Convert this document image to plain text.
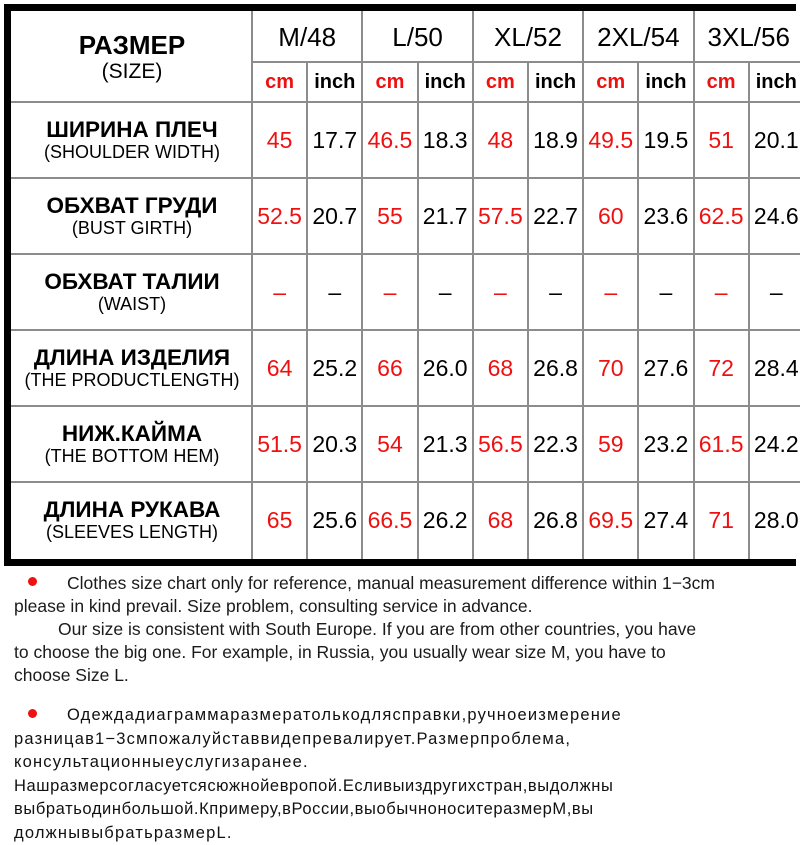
РАЗМЕР
(SIZE)	M/48		L/50		XL/52		2XL/54		3XL/56	
	cm	inch	cm	inch	cm	inch	cm	inch	cm	inch

ШИРИНА ПЛЕЧ
(SHOULDER WIDTH)	45	17.7	46.5	18.3	48	18.9	49.5	19.5	51	20.1

ОБХВАТ ГРУДИ
(BUST GIRTH)	52.5	20.7	55	21.7	57.5	22.7	60	23.6	62.5	24.6

ОБХВАТ ТАЛИИ
(WAIST)	–	–	–	–	–	–	–	–	–	–

ДЛИНА ИЗДЕЛИЯ
(THE PRODUCTLENGTH)	64	25.2	66	26.0	68	26.8	70	27.6	72	28.4

НИЖ.КАЙМА
(THE BOTTOM HEM)	51.5	20.3	54	21.3	56.5	22.3	59	23.2	61.5	24.2

ДЛИНА РУКАВА
(SLEEVES LENGTH)	65	25.6	66.5	26.2	68	26.8	69.5	27.4	71	28.0

Clothes size chart only for reference, manual measurement difference within 1−3cm

please in kind prevail. Size problem, consulting service in advance.

Our size is consistent with South Europe. If you are from other countries, you have

to choose the big one. For example, in Russia, you usually wear size M, you have to

choose Size L.

Одеждадиаграммаразмератолькодлясправки,ручноеизмерение

разницав1−3смпожалуйставвидепревалирует.Размерпроблема,

консультационныеуслугизаранее.

Нашразмерсогласуетсясюжнойевропой.Есливыиздругихстран,выдолжны

выбратьодинбольшой.Кпримеру,вРоссии,выобычноноситеразмерM,вы

должнывыбратьразмерL.
